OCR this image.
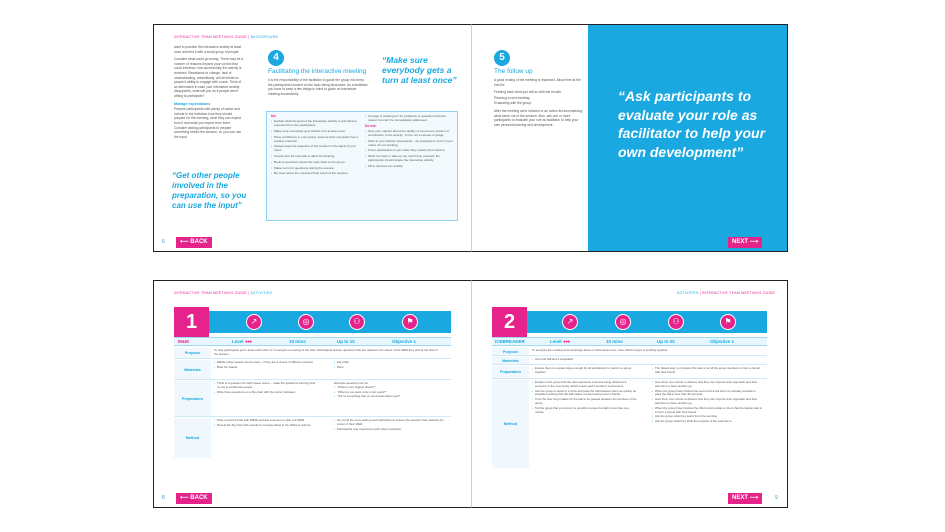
INTERACTIVE TEAM MEETINGS GUIDE | BACKGROUND

want to practice the interactive activity at least once and test it with a small group of people.

Consider what could go wrong. There may be a number of reasons beyond your control that could influence how successfully the activity is received. Resistance to change, lack of understanding, unfamiliarity, will all influence people's ability to engage with a task. Think of an alternative in case your interactive activity disappoints, what will you do if people aren't willing to participate?

Manage expectations

Prepare participants with plenty of notice and include in the invitation how they should prepare for the meeting, what they can expect from it and what you expect from them. Consider asking participants to prepare something before the session, so you can use the input.

“Get other people involved in the preparation, so you can use the input”
4
Facilitating the interactive meeting
It is the responsibility of the facilitator to guide the group into keep the participants focused on the topic being discussed. As a facilitator you have to keep a few things in mind to guide an interactive meeting successfully.
“Make sure everybody gets a turn at least once”
Do:
• Explain what the goal of the interactive activity is and what is expected from the participants.
• Make sure everybody gets his/her turn at least once.
• Have confidence in your group: assume that everybody has a positive intention.
• Always keep the objective of the session in the back of your mind.
• Create time for intervals to allow for thinking.
• Bounce questions about the topic back to the group.
• Make room for questions during the session.
• Be clear about the expected final result of the session.
• Arrange a “parking lot” for problems or questions that are raised, but can't be immediately addressed.
Do not:
• Give your opinion about the quality of someone's opinion or contribution to the activity. You're not a referee or judge.
• Stick to your activity obsessively – be prepared to end it if you notice it's not working.
• Force participants to join when they clearly don't want to.
• Work too hard or take up too much time yourself: the participants should shape the interactive activity.
• Fill in silences too quickly.
6	⟵ BACK
5
The follow up

A good ending of the meeting is important. Allow time at the end for:

Feeding back what you will do with the results.

Planning a next meeting.

Evaluating with the group.

After the meeting send minutes or an action list summarising what came out of the session. Also, ask one or more participants to evaluate your role as facilitator to help your own personal learning and development.

“Ask participants to evaluate your role as facilitator to help your own development”
NEXT ⟶
INTERACTIVE TEAM MEETINGS GUIDE | ACTIVITIES
1	↗	◎	⚇	⚑
M&M	Level ●●●	10 mins	Up to 10	Objective 1
Purpose
To help participants get to know each other or to energise a meeting at the start. Participants answer questions that are related to the colour of the M&M they pick at the start of the session.
Materials
• M&Ms (other sweets can be used – if they are a choice of different colours)
• Bowl for sweets
• Flip-chart
• Pens
Preparation
• Think of a question for each sweet colour – make the questions inspiring and try not to embarrass people.
• Write these questions on a flip-chart with the colour indicated.
Example questions can be:
• “What is your biggest dream?”
• “What do you want to be in ten years?”
• “Tell us something that no one knows about you?”
Method
• Pass round the bowl with M&Ms and ask everyone to pick one M&M.
• Reveal the flip-chart with questions corresponding to the different colours.
• Go round the room asking each participant to answer the question that matches the colour of their M&M.
• Participants may respond to each other's answers.
8	⟵ BACK
ACTIVITIES | INTERACTIVE TEAM MEETINGS GUIDE
2	↗	◎	⚇	⚑
ICEBREAKER	Level ●●●	10 mins	Up to 20	Objective 1
Purpose	To energise the meeting and encourage teams to think about new, more efficient ways of working together.
Materials
•	One soft ball and a stopwatch.
Preparation
• Ensure there is a space large enough for all participants to stand in a group together.
• The fastest way to complete this task is for all the group members to form a funnel with their hands.
Method
• Explain to the group that the ball represents a service being delivered to someone in the community which needs each member's involvement.
• Ask the group to stand in a circle and pass the ball between them as quickly as possible ensuring that the ball makes contact each person's hands.
• Time the how long it takes for the ball to be passed between all members of the group.
• Tell the group that you know it is possible to pass the ball in less than one minute.
• Give them one minute to discuss how they can improve their approach and then ask them to have another go.
• When the group have finished the second time tell them it's actually possible to pass the ball in less than 30 seconds.
• Give them one minute to discuss how they can improve their approach and then ask them to have another go.
• When the group have finished the third round explain to them that the fastest way is to form a funnel with their hands.
• Ask the group what they learnt from the exercise.
• Ask the group what they think the purpose of the exercise is.
NEXT ⟶	9
